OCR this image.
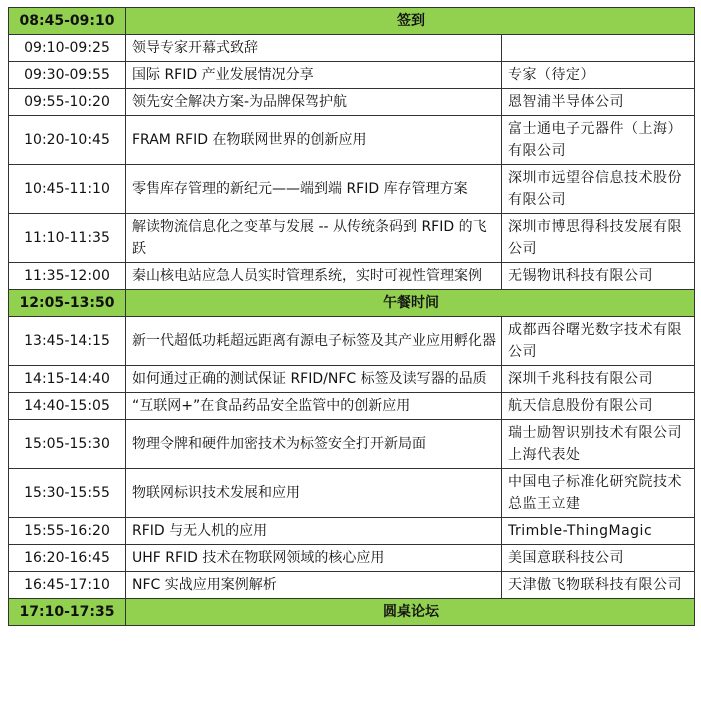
08:45-09:10	签到	
09:10-09:25	领导专家开幕式致辞	
09:30-09:55	国际 RFID 产业发展情况分享	专家（待定）
09:55-10:20	领先安全解决方案-为品牌保驾护航	恩智浦半导体公司
10:20-10:45	FRAM RFID 在物联网世界的创新应用	富士通电子元器件（上海）有限公司
10:45-11:10	零售库存管理的新纪元——端到端 RFID 库存管理方案	深圳市远望谷信息技术股份有限公司
11:10-11:35	解读物流信息化之变革与发展 -- 从传统条码到 RFID 的飞跃	深圳市博思得科技发展有限公司
11:35-12:00	秦山核电站应急人员实时管理系统，实时可视性管理案例	无锡物讯科技有限公司
12:05-13:50	午餐时间	
13:45-14:15	新一代超低功耗超远距离有源电子标签及其产业应用孵化器	成都西谷曙光数字技术有限公司
14:15-14:40	如何通过正确的测试保证 RFID/NFC 标签及读写器的品质	深圳千兆科技有限公司
14:40-15:05	“互联网+”在食品药品安全监管中的创新应用	航天信息股份有限公司
15:05-15:30	物理令牌和硬件加密技术为标签安全打开新局面	瑞士励智识别技术有限公司上海代表处
15:30-15:55	物联网标识技术发展和应用	中国电子标准化研究院技术总监王立建
15:55-16:20	RFID 与无人机的应用	Trimble-ThingMagic
16:20-16:45	UHF RFID 技术在物联网领域的核心应用	美国意联科技公司
16:45-17:10	NFC 实战应用案例解析	天津傲飞物联科技有限公司
17:10-17:35	圆桌论坛	
